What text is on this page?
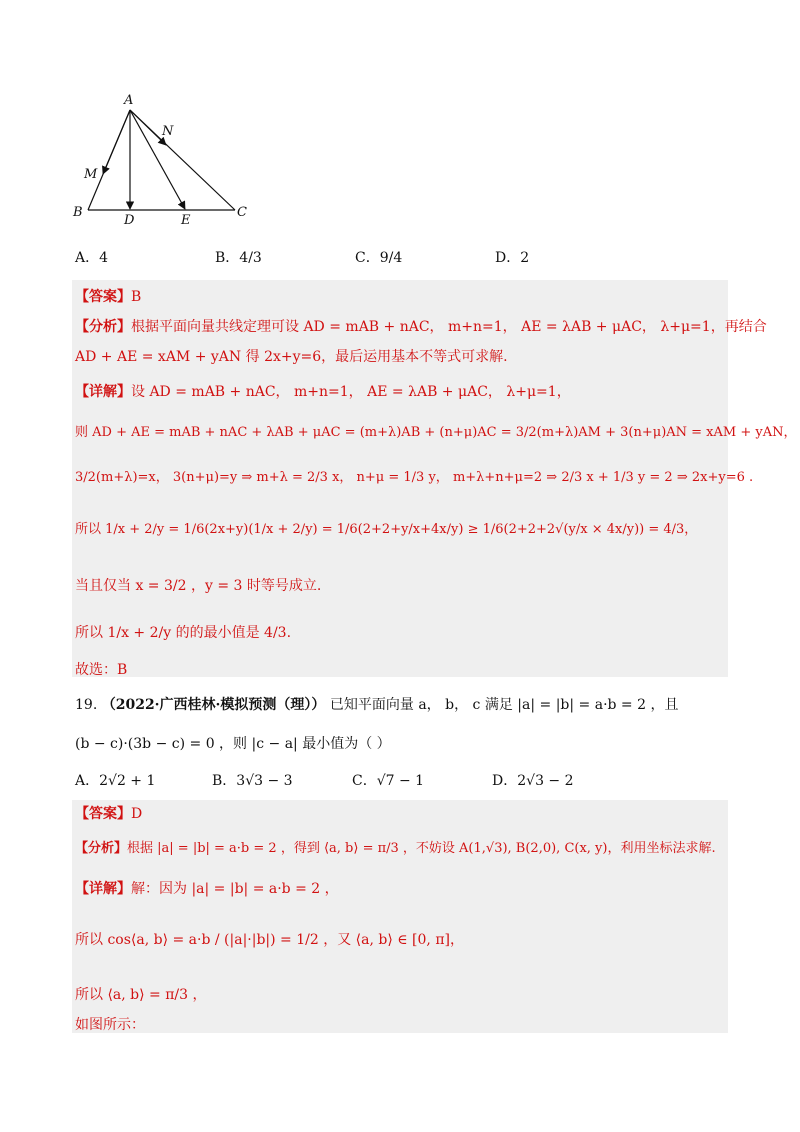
A
N
M
B
D	E
C
A．4	B．4/3	C．9/4	D．2
【答案】B
【分析】根据平面向量共线定理可设 AD = mAB + nAC， m+n=1， AE = λAB + μAC， λ+μ=1，再结合
AD + AE = xAM + yAN 得 2x+y=6，最后运用基本不等式可求解.
【详解】设 AD = mAB + nAC， m+n=1， AE = λAB + μAC， λ+μ=1，
则 AD + AE = mAB + nAC + λAB + μAC = (m+λ)AB + (n+μ)AC = 3/2(m+λ)AM + 3(n+μ)AN = xAM + yAN，
3/2(m+λ)=x， 3(n+μ)=y ⇒ m+λ = 2/3 x， n+μ = 1/3 y， m+λ+n+μ=2 ⇒ 2/3 x + 1/3 y = 2 ⇒ 2x+y=6 .
所以 1/x + 2/y = 1/6(2x+y)(1/x + 2/y) = 1/6(2+2+y/x+4x/y) ≥ 1/6(2+2+2√(y/x × 4x/y)) = 4/3，
当且仅当 x = 3/2 ，y = 3 时等号成立.
所以 1/x + 2/y 的的最小值是 4/3.
故选：B
19. （2022·广西桂林·模拟预测（理）） 已知平面向量 a， b， c 满足 |a| = |b| = a·b = 2 ，且
(b − c)·(3b − c) = 0 ，则 |c − a| 最小值为（ ）
A．2√2 + 1	B．3√3 − 3	C．√7 − 1	D．2√3 − 2
【答案】D
【分析】根据 |a| = |b| = a·b = 2 ，得到 ⟨a, b⟩ = π/3 ，不妨设 A(1,√3), B(2,0), C(x, y)，利用坐标法求解.
【详解】解：因为 |a| = |b| = a·b = 2 ，
所以 cos⟨a, b⟩ = a·b / (|a|·|b|) = 1/2 ，又 ⟨a, b⟩ ∈ [0, π]，
所以 ⟨a, b⟩ = π/3 ，
如图所示：
